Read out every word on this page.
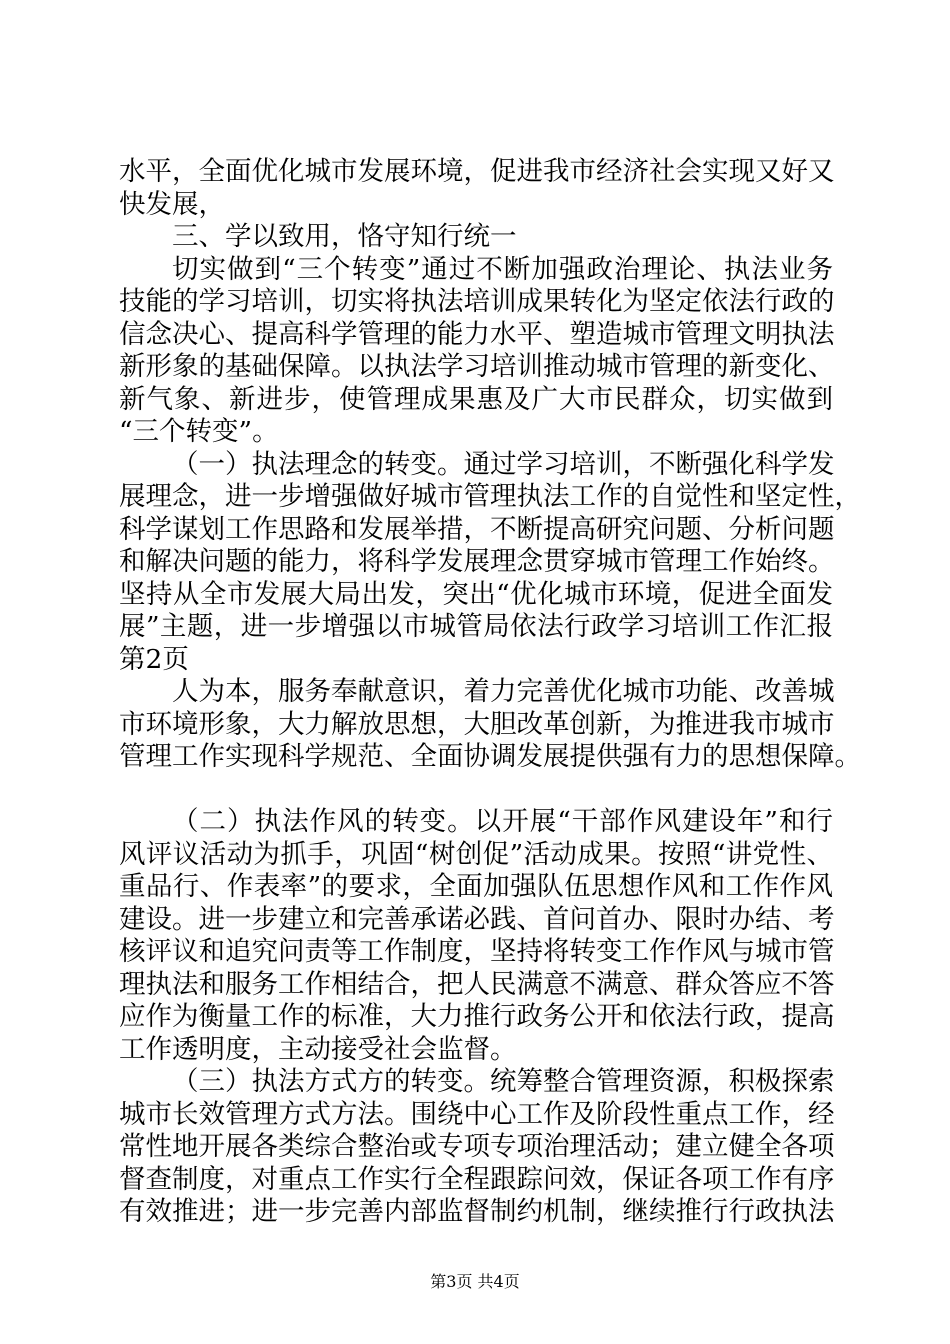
水平，全面优化城市发展环境，促进我市经济社会实现又好又
快发展，
三、学以致用，恪守知行统一
切实做到“三个转变”通过不断加强政治理论、执法业务
技能的学习培训，切实将执法培训成果转化为坚定依法行政的
信念决心、提高科学管理的能力水平、塑造城市管理文明执法
新形象的基础保障。以执法学习培训推动城市管理的新变化、
新气象、新进步，使管理成果惠及广大市民群众，切实做到
“三个转变”。
（一）执法理念的转变。通过学习培训，不断强化科学发
展理念，进一步增强做好城市管理执法工作的自觉性和坚定性，
科学谋划工作思路和发展举措，不断提高研究问题、分析问题
和解决问题的能力，将科学发展理念贯穿城市管理工作始终。
坚持从全市发展大局出发，突出“优化城市环境，促进全面发
展”主题，进一步增强以市城管局依法行政学习培训工作汇报
第2页
人为本，服务奉献意识，着力完善优化城市功能、改善城
市环境形象，大力解放思想，大胆改革创新，为推进我市城市
管理工作实现科学规范、全面协调发展提供强有力的思想保障。
（二）执法作风的转变。以开展“干部作风建设年”和行
风评议活动为抓手，巩固“树创促”活动成果。按照“讲党性、
重品行、作表率”的要求，全面加强队伍思想作风和工作作风
建设。进一步建立和完善承诺必践、首问首办、限时办结、考
核评议和追究问责等工作制度，坚持将转变工作作风与城市管
理执法和服务工作相结合，把人民满意不满意、群众答应不答
应作为衡量工作的标准，大力推行政务公开和依法行政，提高
工作透明度，主动接受社会监督。
（三）执法方式方的转变。统筹整合管理资源，积极探索
城市长效管理方式方法。围绕中心工作及阶段性重点工作，经
常性地开展各类综合整治或专项专项治理活动；建立健全各项
督查制度，对重点工作实行全程跟踪问效，保证各项工作有序
有效推进；进一步完善内部监督制约机制，继续推行行政执法
第3页 共4页
